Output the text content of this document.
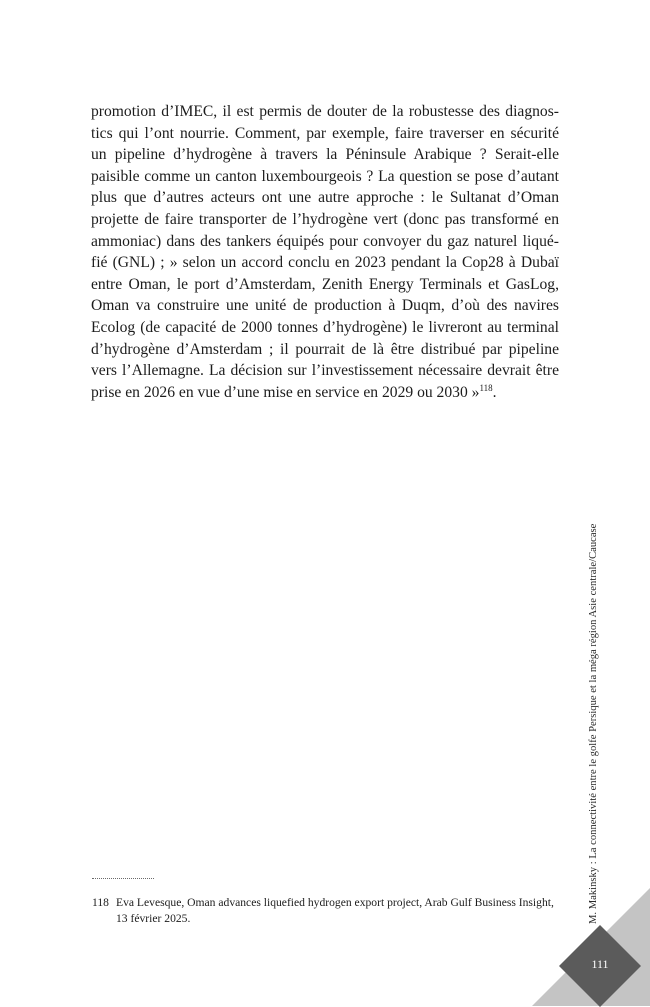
promotion d’IMEC, il est permis de douter de la robustesse des diagnos-
tics qui l’ont nourrie. Comment, par exemple, faire traverser en sécurité
un pipeline d’hydrogène à travers la Péninsule Arabique ? Serait-elle
paisible comme un canton luxembourgeois ? La question se pose d’autant
plus que d’autres acteurs ont une autre approche : le Sultanat d’Oman
projette de faire transporter de l’hydrogène vert (donc pas transformé en
ammoniac) dans des tankers équipés pour convoyer du gaz naturel liqué-
fié (GNL) ; » selon un accord conclu en 2023 pendant la Cop28 à Dubaï
entre Oman, le port d’Amsterdam, Zenith Energy Terminals et GasLog,
Oman va construire une unité de production à Duqm, d’où des navires
Ecolog (de capacité de 2000 tonnes d’hydrogène) le livreront au terminal
d’hydrogène d’Amsterdam ; il pourrait de là être distribué par pipeline
vers l’Allemagne. La décision sur l’investissement nécessaire devrait être
prise en 2026 en vue d’une mise en service en 2029 ou 2030 »$^{118}$.
118 Eva Levesque, Oman advances liquefied hydrogen export project, Arab Gulf Business Insight, 13 février 2025.	M. Makinsky : La connectivité entre le golfe Persique et la méga région Asie centrale/Caucase
111
